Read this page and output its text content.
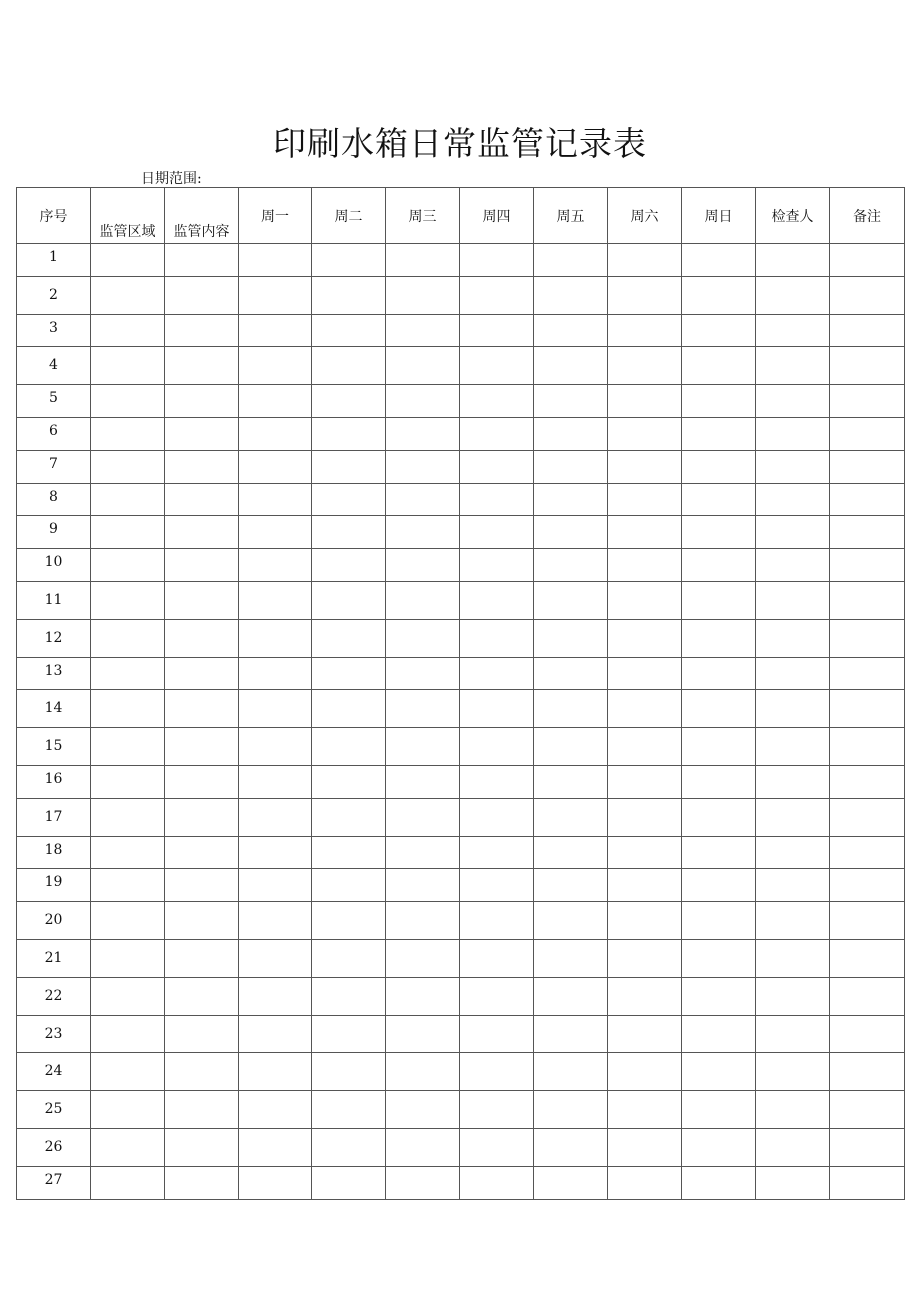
印刷水箱日常监管记录表
日期范围:
序号	监管区域	监管内容	周一	周二	周三	周四	周五	周六	周日	检查人	备注
1											
2											
3											
4											
5											
6											
7											
8											
9											
10											
11											
12											
13											
14											
15											
16											
17											
18											
19											
20											
21											
22											
23											
24											
25											
26											
27											
